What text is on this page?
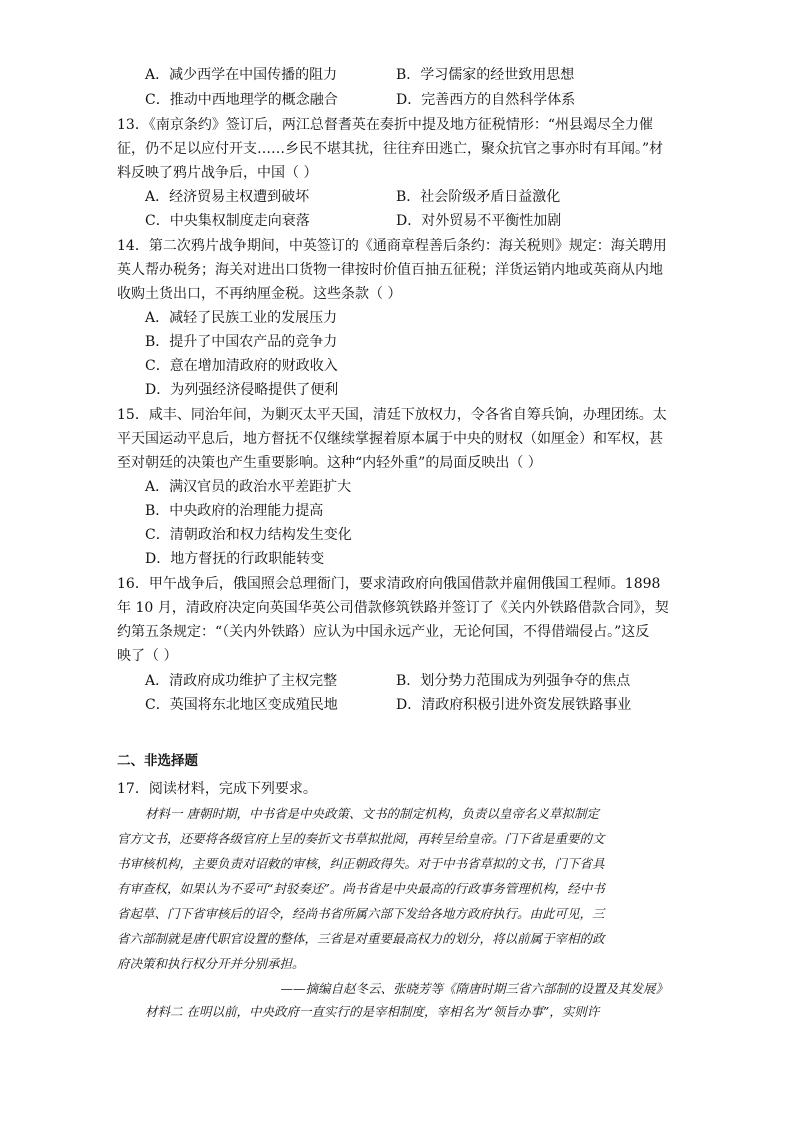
A．减少西学在中国传播的阻力	B．学习儒家的经世致用思想
C．推动中西地理学的概念融合	D．完善西方的自然科学体系
13．《南京条约》签订后，两江总督耆英在奏折中提及地方征税情形：“州县竭尽全力催
征，仍不足以应付开支……乡民不堪其扰，往往弃田逃亡，聚众抗官之事亦时有耳闻。”材
料反映了鸦片战争后，中国（ ）
A．经济贸易主权遭到破坏	B．社会阶级矛盾日益激化
C．中央集权制度走向衰落	D．对外贸易不平衡性加剧
14．第二次鸦片战争期间，中英签订的《通商章程善后条约：海关税则》规定：海关聘用
英人帮办税务；海关对进出口货物一律按时价值百抽五征税；洋货运销内地或英商从内地
收购土货出口，不再纳厘金税。这些条款（ ）
A．减轻了民族工业的发展压力
B．提升了中国农产品的竞争力
C．意在增加清政府的财政收入
D．为列强经济侵略提供了便利
15．咸丰、同治年间，为剿灭太平天国，清廷下放权力，令各省自筹兵饷，办理团练。太
平天国运动平息后，地方督抚不仅继续掌握着原本属于中央的财权（如厘金）和军权，甚
至对朝廷的决策也产生重要影响。这种“内轻外重”的局面反映出（ ）
A．满汉官员的政治水平差距扩大
B．中央政府的治理能力提高
C．清朝政治和权力结构发生变化
D．地方督抚的行政职能转变
16．甲午战争后，俄国照会总理衙门，要求清政府向俄国借款并雇佣俄国工程师。1898
年 10 月，清政府决定向英国华英公司借款修筑铁路并签订了《关内外铁路借款合同》，契
约第五条规定：“（关内外铁路）应认为中国永远产业，无论何国，不得借端侵占。”这反
映了（ ）
A．清政府成功维护了主权完整	B．划分势力范围成为列强争夺的焦点
C．英国将东北地区变成殖民地	D．清政府积极引进外资发展铁路事业
二、非选择题
17．阅读材料，完成下列要求。
材料一 唐朝时期，中书省是中央政策、文书的制定机构，负责以皇帝名义草拟制定
官方文书，还要将各级官府上呈的奏折文书草拟批阅，再转呈给皇帝。门下省是重要的文
书审核机构，主要负责对诏敕的审核，纠正朝政得失。对于中书省草拟的文书，门下省具
有审查权，如果认为不妥可“封驳奏还”。尚书省是中央最高的行政事务管理机构，经中书
省起草、门下省审核后的诏令，经尚书省所属六部下发给各地方政府执行。由此可见，三
省六部制就是唐代职官设置的整体，三省是对重要最高权力的划分，将以前属于宰相的政
府决策和执行权分开并分别承担。
——摘编自赵冬云、张晓芳等《隋唐时期三省六部制的设置及其发展》
材料二 在明以前，中央政府一直实行的是宰相制度，宰相名为“领旨办事”，实则许
